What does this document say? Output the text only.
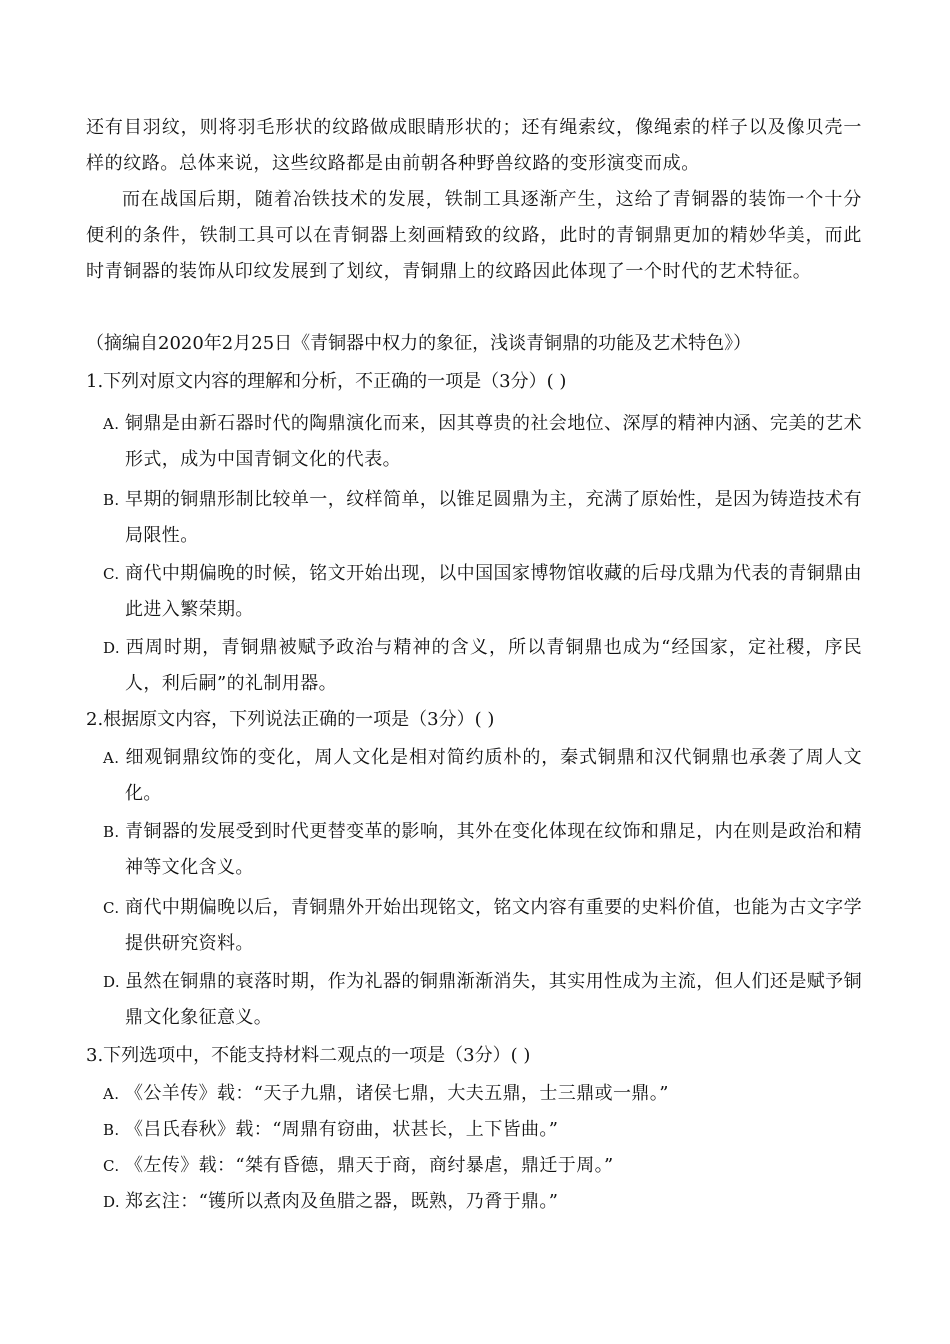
还有目羽纹，则将羽毛形状的纹路做成眼睛形状的；还有绳索纹，像绳索的样子以及像贝壳一样的纹路。总体来说，这些纹路都是由前朝各种野兽纹路的变形演变而成。
而在战国后期，随着冶铁技术的发展，铁制工具逐渐产生，这给了青铜器的装饰一个十分便利的条件，铁制工具可以在青铜器上刻画精致的纹路，此时的青铜鼎更加的精妙华美，而此时青铜器的装饰从印纹发展到了划纹，青铜鼎上的纹路因此体现了一个时代的艺术特征。
（摘编自2020年2月25日《青铜器中权力的象征，浅谈青铜鼎的功能及艺术特色》）
1.下列对原文内容的理解和分析，不正确的一项是（3分）( )
A. 铜鼎是由新石器时代的陶鼎演化而来，因其尊贵的社会地位、深厚的精神内涵、完美的艺术形式，成为中国青铜文化的代表。
B. 早期的铜鼎形制比较单一，纹样简单，以锥足圆鼎为主，充满了原始性，是因为铸造技术有局限性。
C. 商代中期偏晚的时候，铭文开始出现，以中国国家博物馆收藏的后母戊鼎为代表的青铜鼎由此进入繁荣期。
D. 西周时期，青铜鼎被赋予政治与精神的含义，所以青铜鼎也成为“经国家，定社稷，序民人，利后嗣”的礼制用器。
2.根据原文内容，下列说法正确的一项是（3分）( )
A. 细观铜鼎纹饰的变化，周人文化是相对简约质朴的，秦式铜鼎和汉代铜鼎也承袭了周人文化。
B. 青铜器的发展受到时代更替变革的影响，其外在变化体现在纹饰和鼎足，内在则是政治和精神等文化含义。
C. 商代中期偏晚以后，青铜鼎外开始出现铭文，铭文内容有重要的史料价值，也能为古文字学提供研究资料。
D. 虽然在铜鼎的衰落时期，作为礼器的铜鼎渐渐消失，其实用性成为主流，但人们还是赋予铜鼎文化象征意义。
3.下列选项中，不能支持材料二观点的一项是（3分）( )
A. 《公羊传》载：“天子九鼎，诸侯七鼎，大夫五鼎，士三鼎或一鼎。”
B. 《吕氏春秋》载：“周鼎有窃曲，状甚长，上下皆曲。”
C. 《左传》载：“桀有昏德，鼎天于商，商纣暴虐，鼎迁于周。”
D. 郑玄注：“镬所以煮肉及鱼腊之器，既熟，乃脀于鼎。”
